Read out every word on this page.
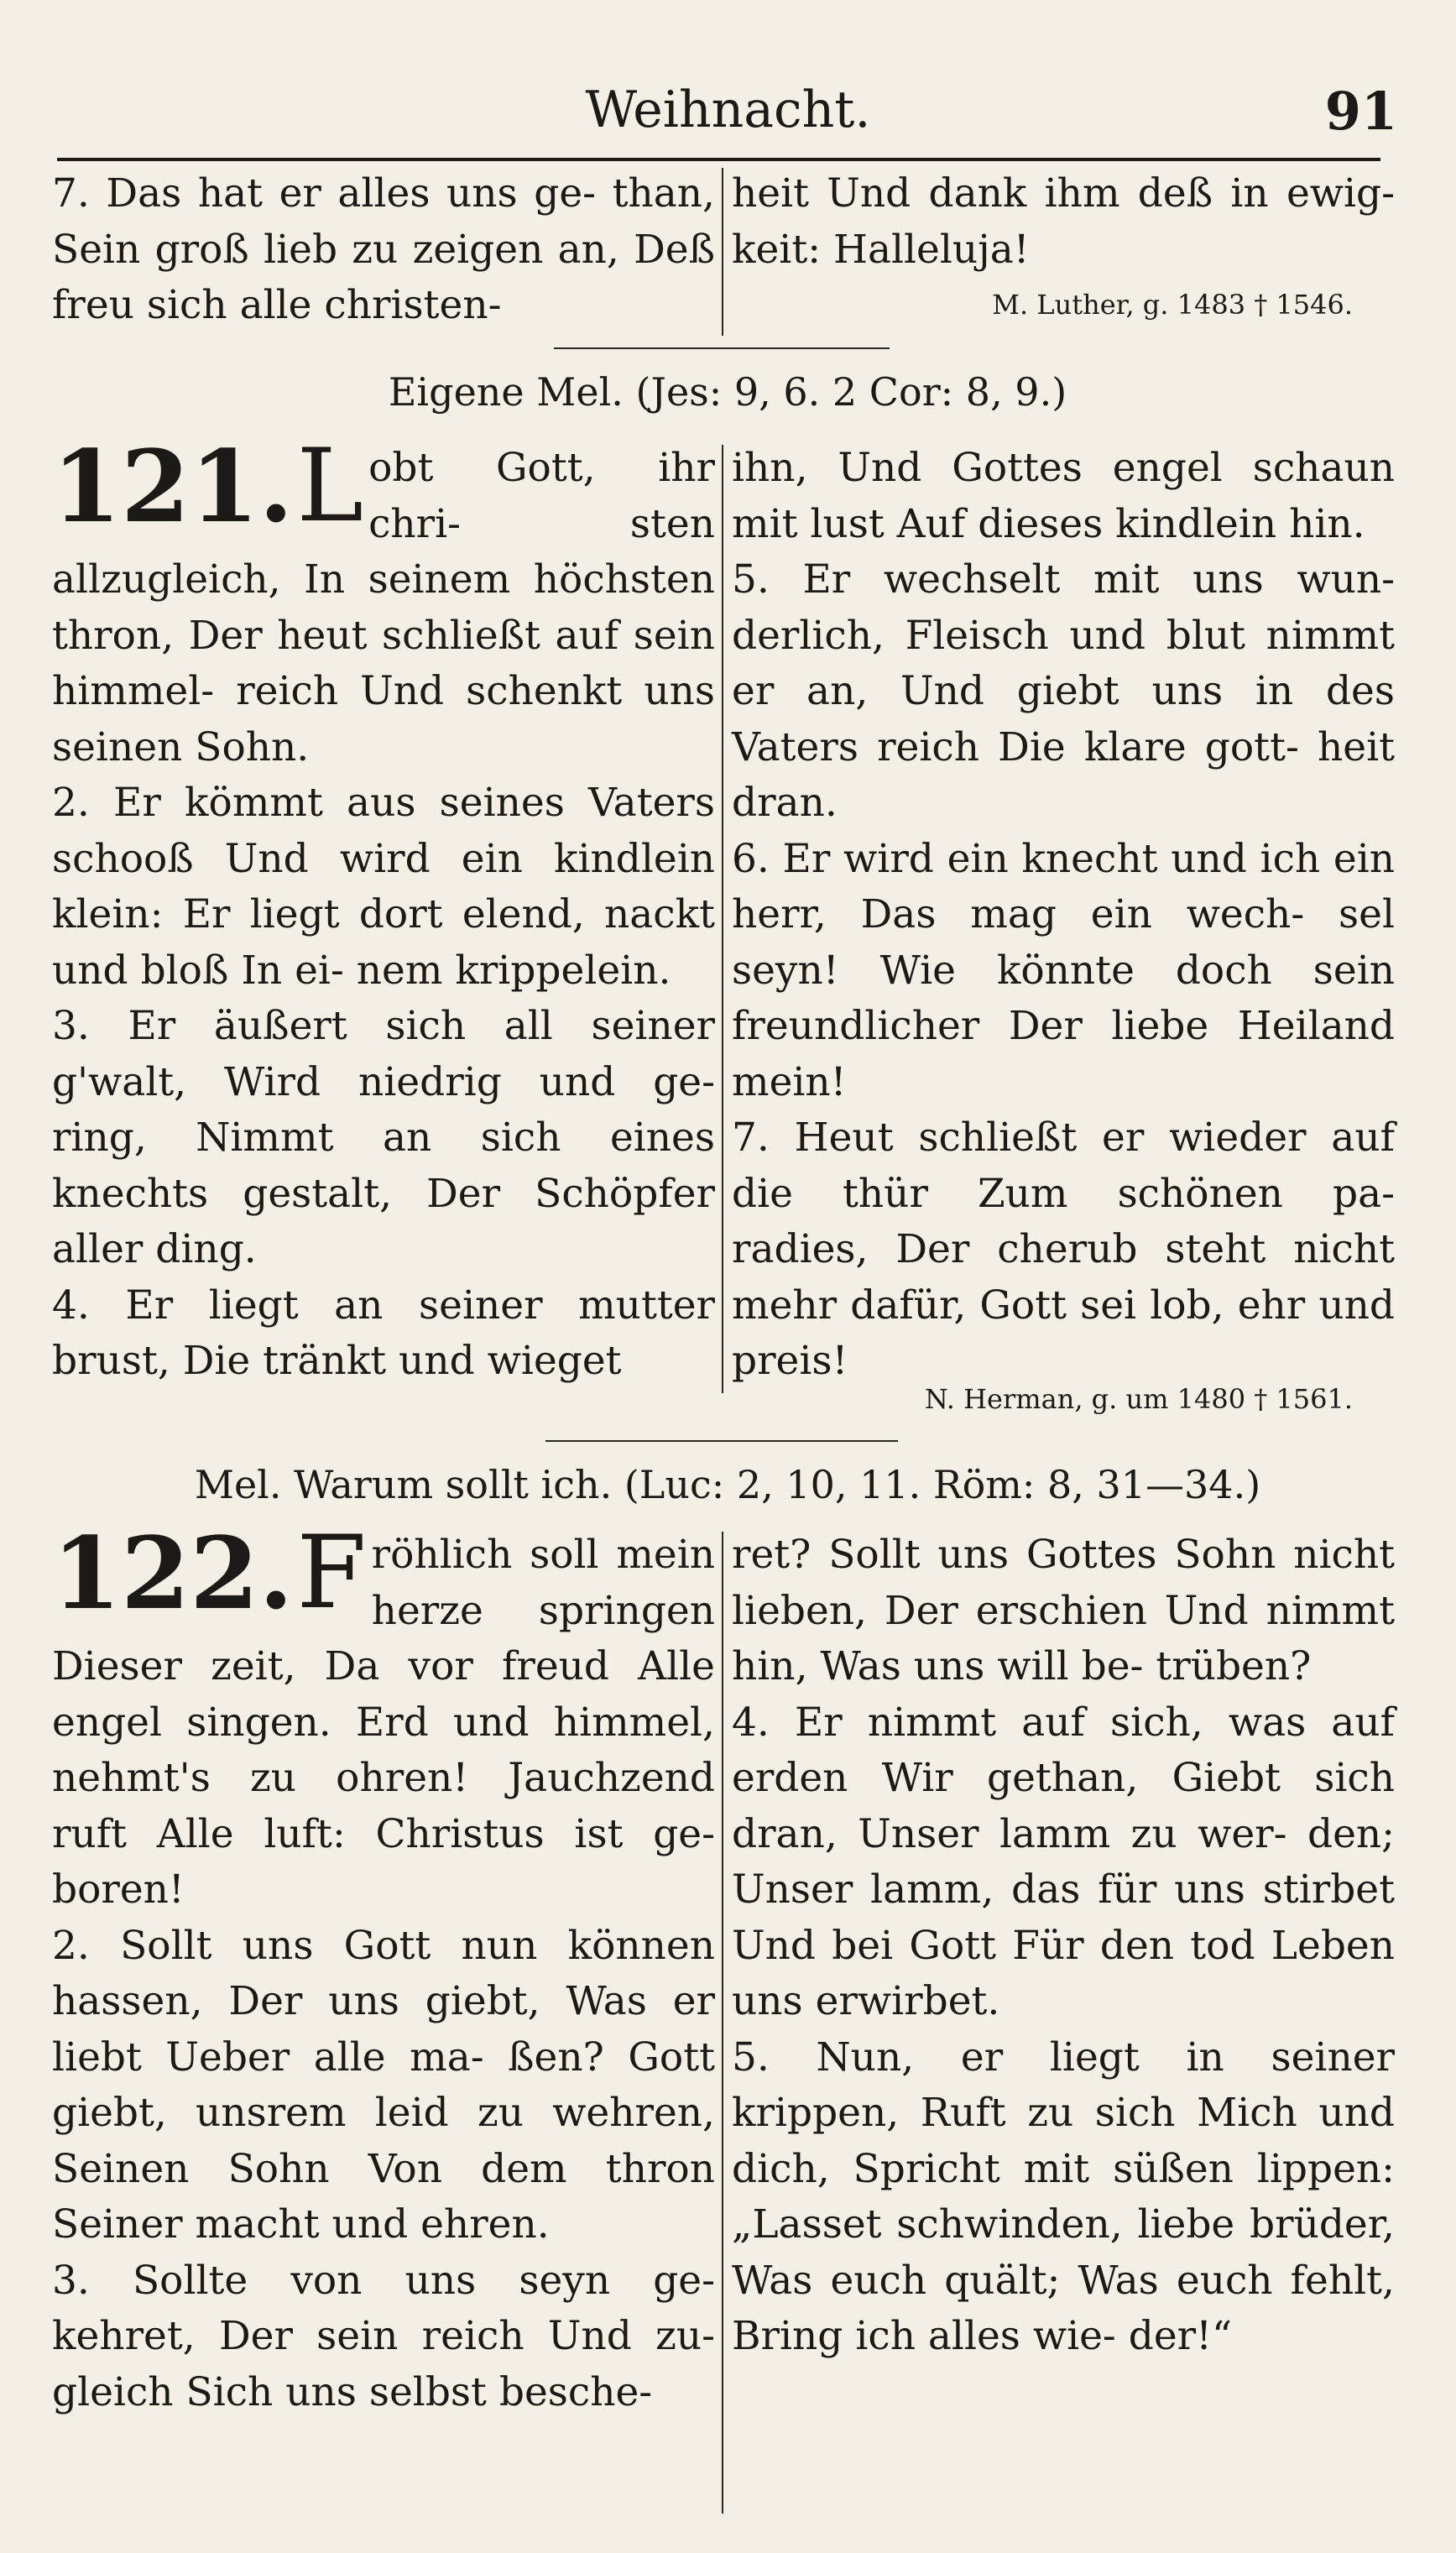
Weihnacht.	91

7. Das hat er alles uns ge- than, Sein groß lieb zu zeigen an, Deß freu sich alle christen-

heit Und dank ihm deß in ewig- keit: Halleluja!

M. Luther, g. 1483 † 1546.
Eigene Mel. (Jes: 9, 6. 2 Cor: 8, 9.)

121. L obt Gott, ihr chri- sten allzugleich, In seinem höchsten thron, Der heut schließt auf sein himmel- reich Und schenkt uns seinen Sohn.

2. Er kömmt aus seines Vaters schooß Und wird ein kindlein klein: Er liegt dort elend, nackt und bloß In ei- nem krippelein.

3. Er äußert sich all seiner g'walt, Wird niedrig und ge- ring, Nimmt an sich eines knechts gestalt, Der Schöpfer aller ding.

4. Er liegt an seiner mutter brust, Die tränkt und wieget

ihn, Und Gottes engel schaun mit lust Auf dieses kindlein hin.

5. Er wechselt mit uns wun- derlich, Fleisch und blut nimmt er an, Und giebt uns in des Vaters reich Die klare gott- heit dran.

6. Er wird ein knecht und ich ein herr, Das mag ein wech- sel seyn! Wie könnte doch sein freundlicher Der liebe Heiland mein!

7. Heut schließt er wieder auf die thür Zum schönen pa- radies, Der cherub steht nicht mehr dafür, Gott sei lob, ehr und preis!

N. Herman, g. um 1480 † 1561.
Mel. Warum sollt ich. (Luc: 2, 10, 11. Röm: 8, 31—34.)

122. F röhlich soll mein herze springen Dieser zeit, Da vor freud Alle engel singen. Erd und himmel, nehmt's zu ohren! Jauchzend ruft Alle luft: Christus ist ge- boren!

2. Sollt uns Gott nun können hassen, Der uns giebt, Was er liebt Ueber alle ma- ßen? Gott giebt, unsrem leid zu wehren, Seinen Sohn Von dem thron Seiner macht und ehren.

3. Sollte von uns seyn ge- kehret, Der sein reich Und zu- gleich Sich uns selbst besche-

ret? Sollt uns Gottes Sohn nicht lieben, Der erschien Und nimmt hin, Was uns will be- trüben?

4. Er nimmt auf sich, was auf erden Wir gethan, Giebt sich dran, Unser lamm zu wer- den; Unser lamm, das für uns stirbet Und bei Gott Für den tod Leben uns erwirbet.

5. Nun, er liegt in seiner krippen, Ruft zu sich Mich und dich, Spricht mit süßen lippen: „Lasset schwinden, liebe brüder, Was euch quält; Was euch fehlt, Bring ich alles wie- der!“
